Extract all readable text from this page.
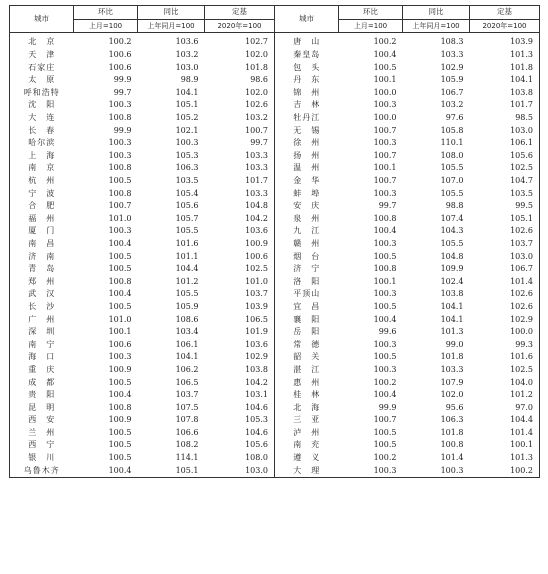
城市	环比	同比	定基	城市	环比	同比	定基
	上月=100	上年同月=100	2020年=100		上月=100	上年同月=100	2020年=100
北　京	100.2	103.6	102.7	唐　山	100.2	108.3	103.9
天　津	100.6	103.2	102.0	秦皇岛	100.4	103.3	101.3
石家庄	100.6	103.0	101.8	包　头	100.5	102.9	101.8
太　原	99.9	98.9	98.6	丹　东	100.1	105.9	104.1
呼和浩特	99.7	104.1	102.0	锦　州	100.0	106.7	103.8
沈　阳	100.3	105.1	102.6	吉　林	100.3	103.2	101.7
大　连	100.8	105.2	103.2	牡丹江	100.0	97.6	98.5
长　春	99.9	102.1	100.7	无　锡	100.7	105.8	103.0
哈尔滨	100.3	100.3	99.7	徐　州	100.3	110.1	106.1
上　海	100.3	105.3	103.3	扬　州	100.7	108.0	105.6
南　京	100.8	106.3	103.3	温　州	100.1	105.5	102.5
杭　州	100.5	103.5	101.7	金　华	100.7	107.0	104.7
宁　波	100.8	105.4	103.3	蚌　埠	100.3	105.5	103.5
合　肥	100.7	105.6	104.8	安　庆	99.7	98.8	99.5
福　州	101.0	105.7	104.2	泉　州	100.8	107.4	105.1
厦　门	100.3	105.5	103.6	九　江	100.4	104.3	102.6
南　昌	100.4	101.6	100.9	赣　州	100.3	105.5	103.7
济　南	100.5	101.1	100.6	烟　台	100.5	104.8	103.0
青　岛	100.5	104.4	102.5	济　宁	100.8	109.9	106.7
郑　州	100.8	101.2	101.0	洛　阳	100.1	102.4	101.4
武　汉	100.4	105.5	103.7	平顶山	100.3	103.8	102.6
长　沙	100.5	105.9	103.9	宜　昌	100.5	104.1	102.6
广　州	101.0	108.6	106.5	襄　阳	100.4	104.1	102.9
深　圳	100.1	103.4	101.9	岳　阳	99.6	101.3	100.0
南　宁	100.6	106.1	103.6	常　德	100.3	99.0	99.3
海　口	100.3	104.1	102.9	韶　关	100.5	101.8	101.6
重　庆	100.9	106.2	103.8	湛　江	100.3	103.3	102.5
成　都	100.5	106.5	104.2	惠　州	100.2	107.9	104.0
贵　阳	100.4	103.7	103.1	桂　林	100.4	102.0	101.2
昆　明	100.8	107.5	104.6	北　海	99.9	95.6	97.0
西　安	100.9	107.8	105.3	三　亚	100.7	106.3	104.4
兰　州	100.5	106.6	104.6	泸　州	100.5	101.8	101.4
西　宁	100.5	108.2	105.6	南　充	100.5	100.8	100.1
银　川	100.5	114.1	108.0	遵　义	100.2	101.4	101.3
乌鲁木齐	100.4	105.1	103.0	大　理	100.3	100.3	100.2
